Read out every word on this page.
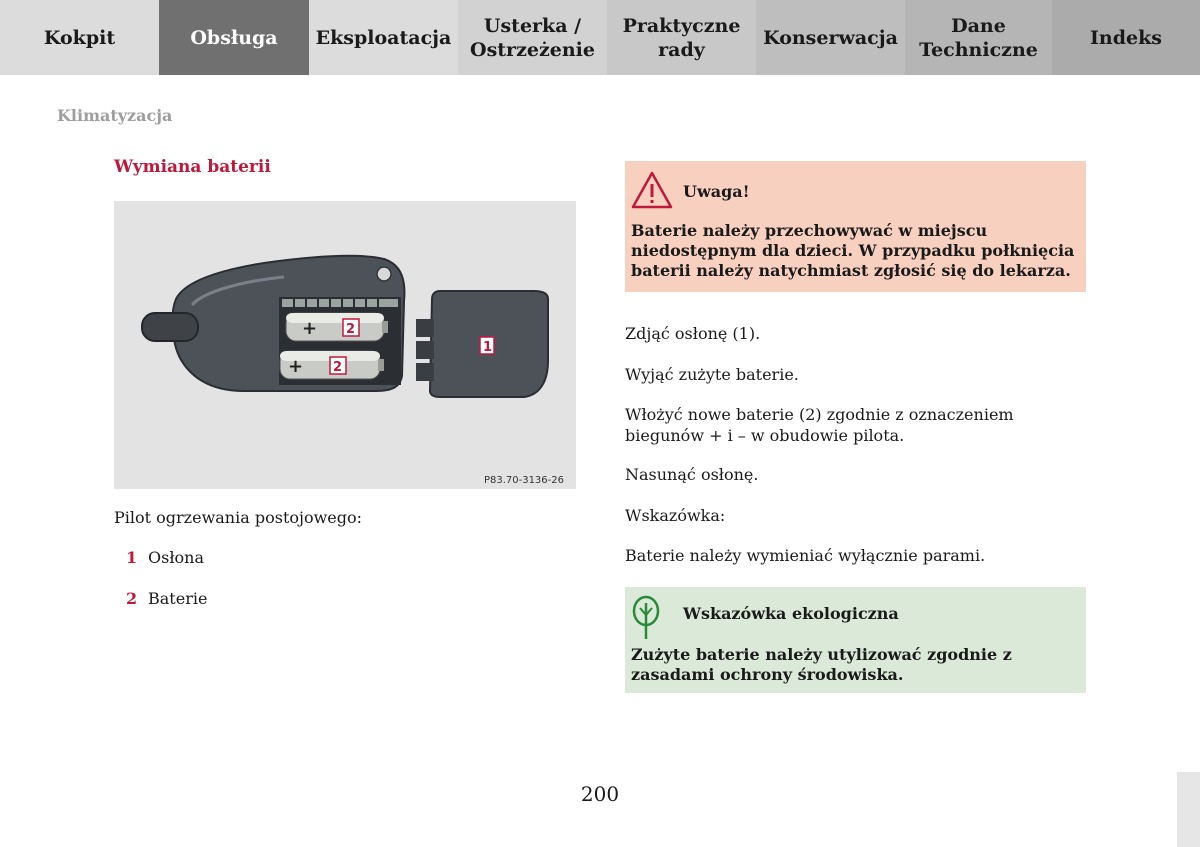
Kokpit	Obsługa Eksploatacja
Usterka /
Ostrzeżenie
Praktyczne
rady
Konserwacja
Dane
Techniczne
Indeks
Klimatyzacja
Wymiana baterii
+
+
2
2
1
P83.70-3136-26
Pilot ogrzewania postojowego:
1 Osłona
2 Baterie
Uwaga!
Baterie należy przechowywać w miejscu niedostępnym dla dzieci. W przypadku połknięcia baterii należy natychmiast zgłosić się do lekarza.
Zdjąć osłonę (1).
Wyjąć zużyte baterie.
Włożyć nowe baterie (2) zgodnie z oznaczeniem biegunów + i – w obudowie pilota.
Nasunąć osłonę.
Wskazówka:
Baterie należy wymieniać wyłącznie parami.
Wskazówka ekologiczna
Zużyte baterie należy utylizować zgodnie z zasadami ochrony środowiska.
200
